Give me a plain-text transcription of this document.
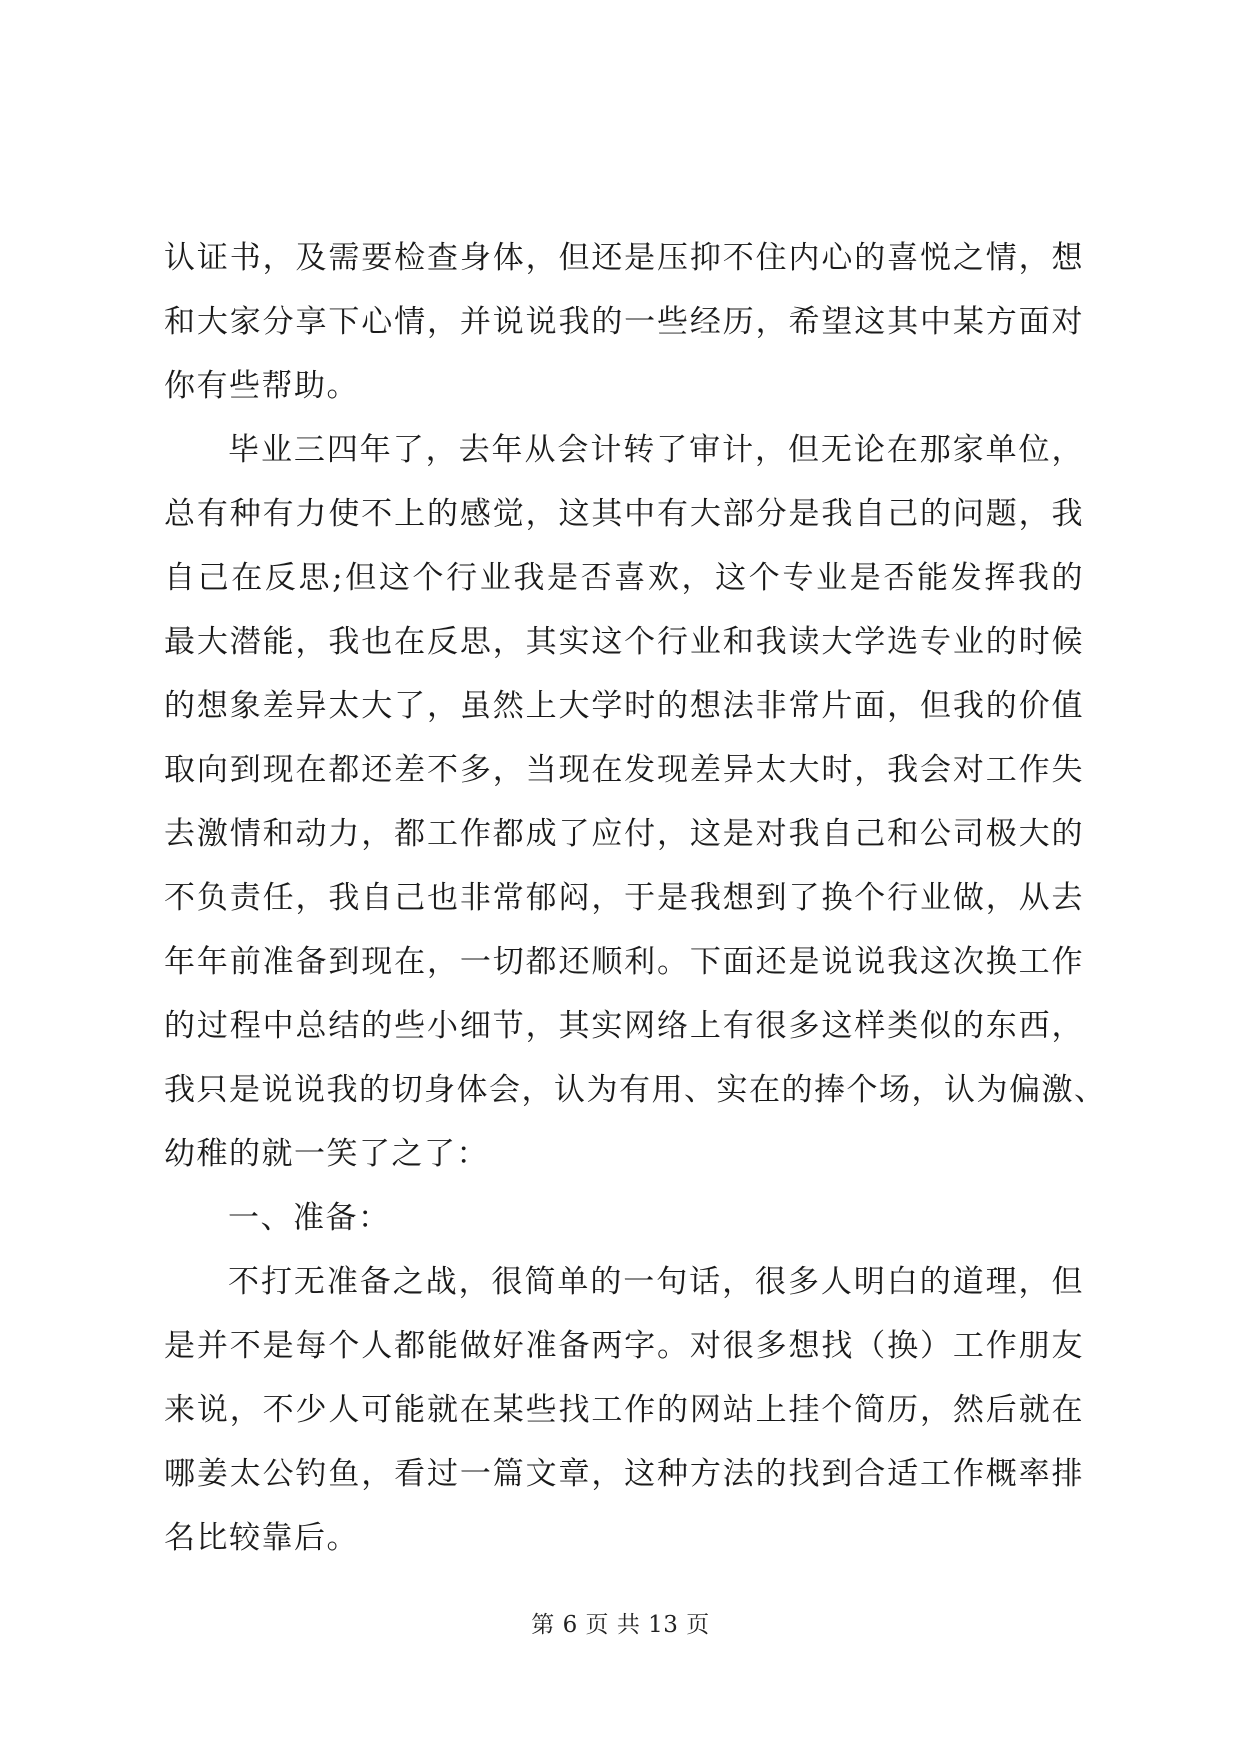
认证书，及需要检查身体，但还是压抑不住内心的喜悦之情，想
和大家分享下心情，并说说我的一些经历，希望这其中某方面对
你有些帮助。
毕业三四年了，去年从会计转了审计，但无论在那家单位，
总有种有力使不上的感觉，这其中有大部分是我自己的问题，我
自己在反思;但这个行业我是否喜欢，这个专业是否能发挥我的
最大潜能，我也在反思，其实这个行业和我读大学选专业的时候
的想象差异太大了，虽然上大学时的想法非常片面，但我的价值
取向到现在都还差不多，当现在发现差异太大时，我会对工作失
去激情和动力，都工作都成了应付，这是对我自己和公司极大的
不负责任，我自己也非常郁闷，于是我想到了换个行业做，从去
年年前准备到现在，一切都还顺利。下面还是说说我这次换工作
的过程中总结的些小细节，其实网络上有很多这样类似的东西，
我只是说说我的切身体会，认为有用、实在的捧个场，认为偏激、
幼稚的就一笑了之了：
一、准备：
不打无准备之战，很简单的一句话，很多人明白的道理，但
是并不是每个人都能做好准备两字。对很多想找（换）工作朋友
来说，不少人可能就在某些找工作的网站上挂个简历，然后就在
哪姜太公钓鱼，看过一篇文章，这种方法的找到合适工作概率排
名比较靠后。
第 6 页 共 13 页
